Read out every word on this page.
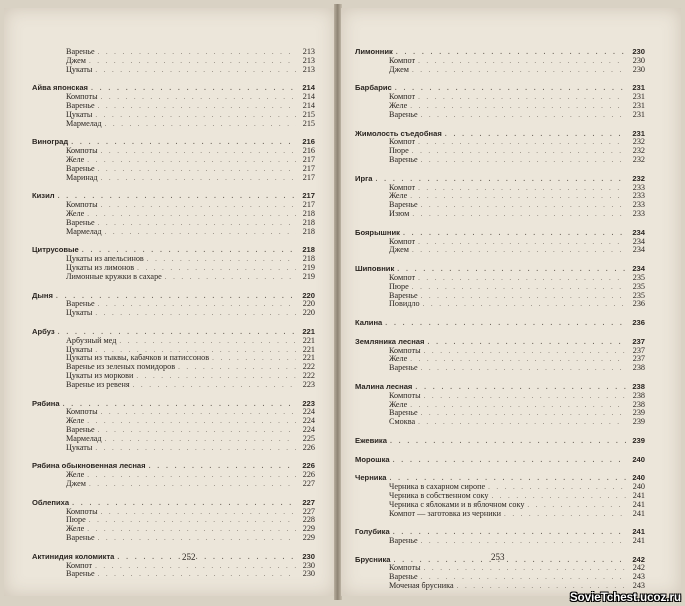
Варенье . . .	213
Джем . . .	213
Цукаты . . .	213
Айва японская . . .	214
Компоты . . .	214
Варенье . . .	214
Цукаты . . .	215
Мармелад . . .	215
Виноград . . .	216
Компоты . . .	216
Желе . . .	217
Варенье . . .	217
Маринад . . .	217
Кизил . . .	217
Компоты . . .	217
Желе . . .	218
Варенье . . .	218
Мармелад . . .	218
Цитрусовые . . .	218
Цукаты из апельсинов . . .	218
Цукаты из лимонов . . .	219
Лимонные кружки в сахаре . . .	219
Дыня . . .	220
Варенье . . .	220
Цукаты . . .	220
Арбуз . . .	221
Арбузный мед . . .	221
Цукаты . . .	221
Цукаты из тыквы, кабачков и патиссонов . . .	221
Варенье из зеленых помидоров . . .	222
Цукаты из моркови . . .	222
Варенье из ревеня . . .	223
Рябина . . .	223
Компоты . . .	224
Желе . . .	224
Варенье . . .	224
Мармелад . . .	225
Цукаты . . .	226
Рябина обыкновенная лесная . . .	226
Желе . . .	226
Джем . . .	227
Облепиха . . .	227
Компоты . . .	227
Пюре . . .	228
Желе . . .	229
Варенье . . .	229
Актинидия коломикта . . .	230
Компот . . .	230
Варенье . . .	230
252
Лимонник . . .	230
Компот . . .	230
Джем . . .	230
Барбарис . . .	231
Компот . . .	231
Желе . . .	231
Варенье . . .	231
Жимолость съедобная . . .	231
Компот . . .	232
Пюре . . .	232
Варенье . . .	232
Ирга . . .	232
Компот . . .	233
Желе . . .	233
Варенье . . .	233
Изюм . . .	233
Боярышник . . .	234
Компот . . .	234
Джем . . .	234
Шиповник . . .	234
Компот . . .	235
Пюре . . .	235
Варенье . . .	235
Повидло . . .	236
Калина . . .	236
Земляника лесная . . .	237
Компоты . . .	237
Желе . . .	237
Варенье . . .	238
Малина лесная . . .	238
Компоты . . .	238
Желе . . .	238
Варенье . . .	239
Смоква . . .	239
Ежевика . . .	239
Морошка . . .	240
Черника . . .	240
Черника в сахарном сиропе . . .	240
Черника в собственном соку . . .	241
Черника с яблоками и в яблочном соку . . .	241
Компот — заготовка из черники . . .	241
Голубика . . .	241
Варенье . . .	241
Брусника . . .	242
Компоты . . .	242
Варенье . . .	243
Моченая брусника . . .	243
253
SovieTchest.ucoz.ru
